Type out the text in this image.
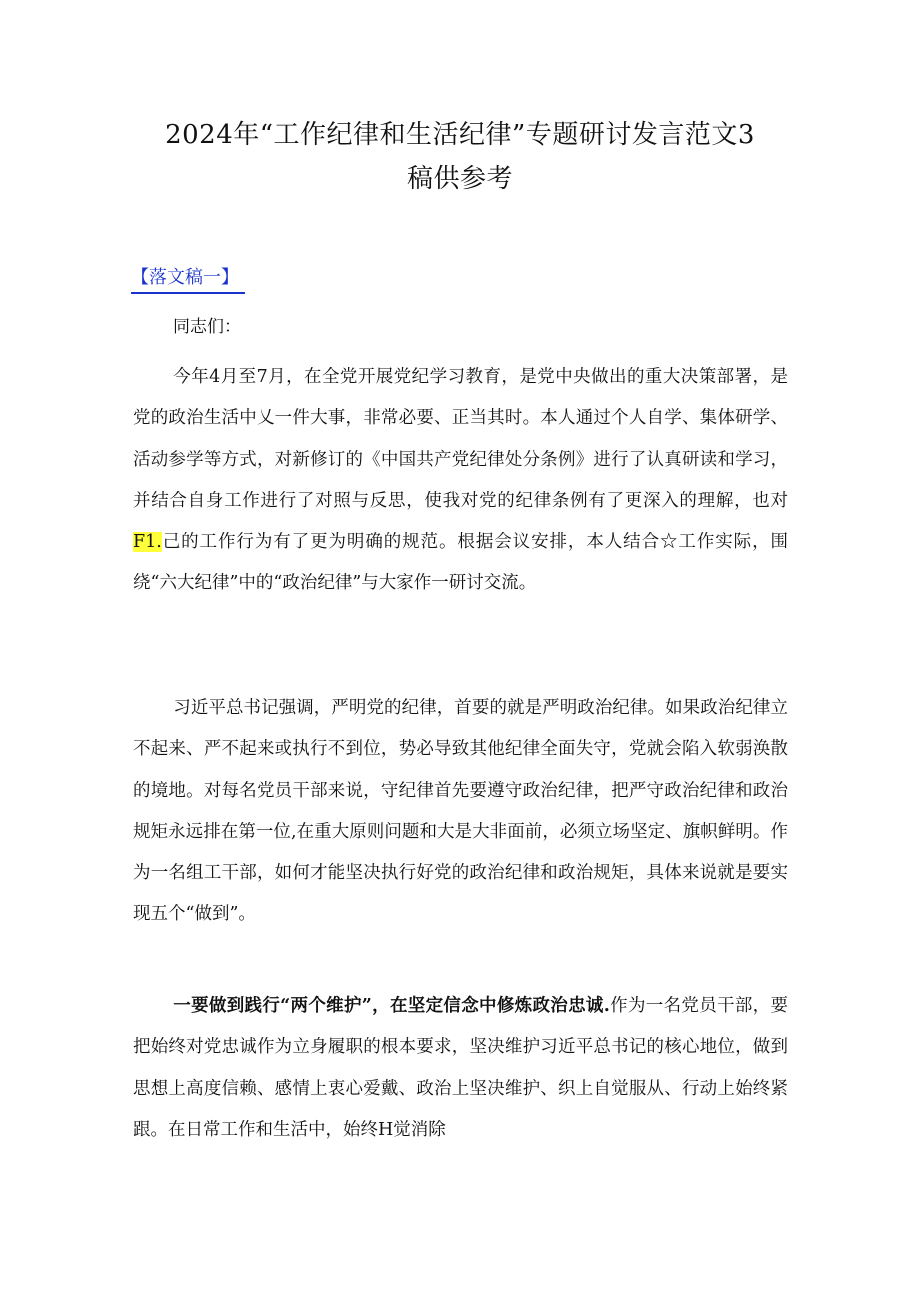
2024年“工作纪律和生活纪律”专题研讨发言范文3
稿供参考
【落文稿一】

同志们：

今年4月至7月，在全党开展党纪学习教育，是党中央做出的重大决策部署，是党的政治生活中乂一件大事，非常必要、正当其时。本人通过个人自学、集体研学、活动参学等方式，对新修订的《中国共产党纪律处分条例》进行了认真研读和学习，并结合自身工作进行了对照与反思，使我对党的纪律条例有了更深入的理解，也对F1.己的工作行为有了更为明确的规范。根据会议安排，本人结合☆工作实际，围绕“六大纪律”中的“政治纪律”与大家作一研讨交流。

习近平总书记强调，严明党的纪律，首要的就是严明政治纪律。如果政治纪律立不起来、严不起来或执行不到位，势必导致其他纪律全面失守，党就会陷入软弱涣散的境地。对每名党员干部来说，守纪律首先要遵守政治纪律，把严守政治纪律和政治规矩永远排在第一位,在重大原则问题和大是大非面前，必须立场坚定、旗帜鲜明。作为一名组工干部，如何才能坚决执行好党的政治纪律和政治规矩，具体来说就是要实现五个“做到”。

一要做到践行“两个维护”，在坚定信念中修炼政治忠诚.作为一名党员干部，要把始终对党忠诚作为立身履职的根本要求，坚决维护习近平总书记的核心地位，做到思想上高度信赖、感情上衷心爱戴、政治上坚决维护、织上自觉服从、行动上始终紧跟。在日常工作和生活中，始终H觉消除
